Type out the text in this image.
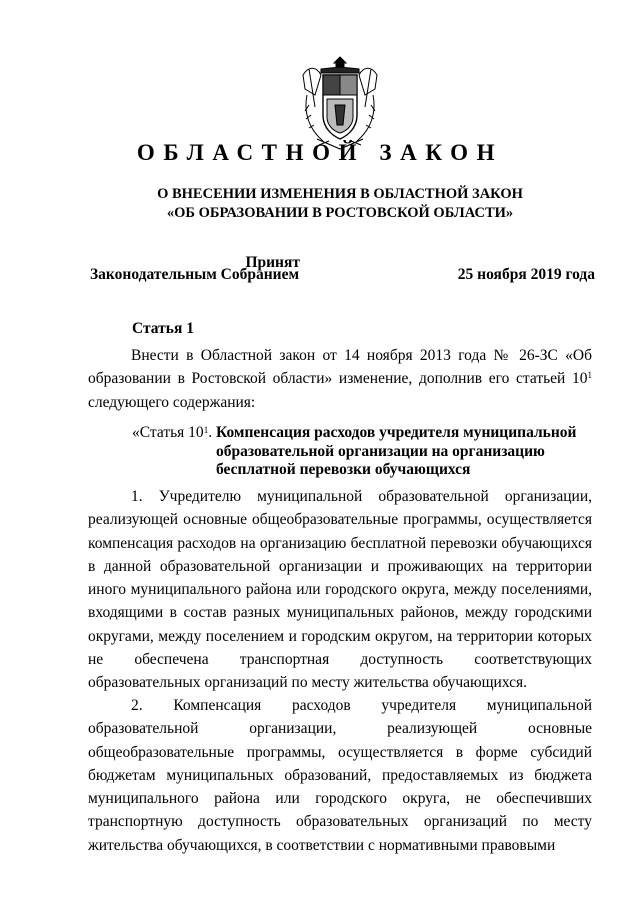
ОБЛАСТНОЙ ЗАКОН
О ВНЕСЕНИИ ИЗМЕНЕНИЯ В ОБЛАСТНОЙ ЗАКОН
«ОБ ОБРАЗОВАНИИ В РОСТОВСКОЙ ОБЛАСТИ»
Принят
Законодательным Собранием	25 ноября 2019 года
Статья 1
Внести в Областной закон от 14 ноября 2013 года № 26-ЗС «Об образовании в Ростовской области» изменение, дополнив его статьей $10^1$ следующего содержания:
«Статья $10^1$. Компенсация расходов учредителя муниципальной образовательной организации на организацию бесплатной перевозки обучающихся
1. Учредителю муниципальной образовательной организации, реализующей основные общеобразовательные программы, осуществляется компенсация расходов на организацию бесплатной перевозки обучающихся в данной образовательной организации и проживающих на территории иного муниципального района или городского округа, между поселениями, входящими в состав разных муниципальных районов, между городскими округами, между поселением и городским округом, на территории которых не обеспечена транспортная доступность соответствующих образовательных организаций по месту жительства обучающихся.
2. Компенсация расходов учредителя муниципальной образовательной организации, реализующей основные общеобразовательные программы, осуществляется в форме субсидий бюджетам муниципальных образований, предоставляемых из бюджета муниципального района или городского округа, не обеспечивших транспортную доступность образовательных организаций по месту жительства обучающихся, в соответствии с нормативными правовыми
